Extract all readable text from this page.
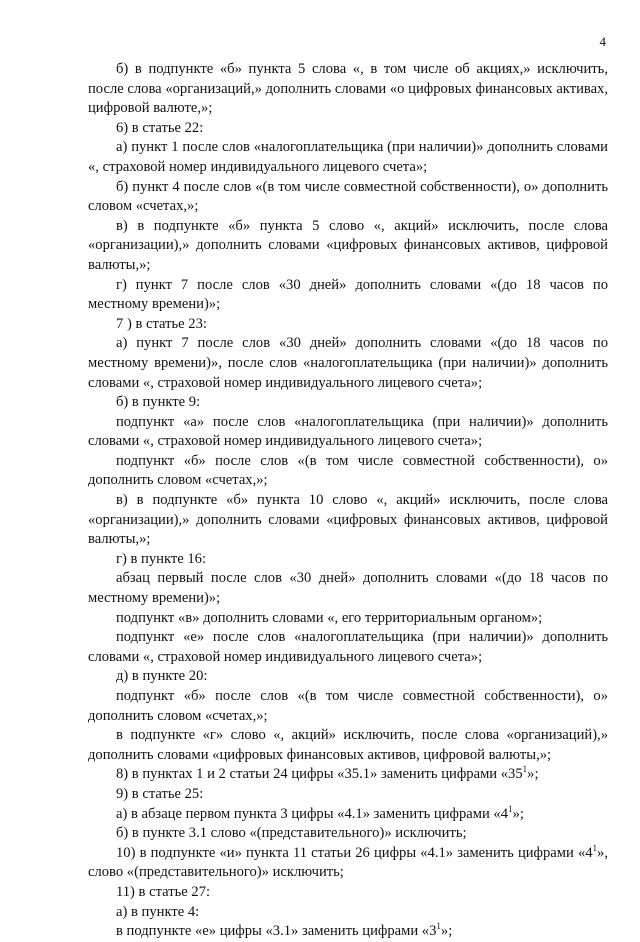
4

б) в подпункте «б» пункта 5 слова «, в том числе об акциях,» исключить, после слова «организаций,» дополнить словами «о цифровых финансовых активах, цифровой валюте,»;

6) в статье 22:

а) пункт 1 после слов «налогоплательщика (при наличии)» дополнить словами «, страховой номер индивидуального лицевого счета»;

б) пункт 4 после слов «(в том числе совместной собственности), о» дополнить словом «счетах,»;

в) в подпункте «б» пункта 5 слово «, акций» исключить, после слова «организации),» дополнить словами «цифровых финансовых активов, цифровой валюты,»;

г) пункт 7 после слов «30 дней» дополнить словами «(до 18 часов по местному времени)»;

7 ) в статье 23:

а) пункт 7 после слов «30 дней» дополнить словами «(до 18 часов по местному времени)», после слов «налогоплательщика (при наличии)» дополнить словами «, страховой номер индивидуального лицевого счета»;

б) в пункте 9:

подпункт «а» после слов «налогоплательщика (при наличии)» дополнить словами «, страховой номер индивидуального лицевого счета»;

подпункт «б» после слов «(в том числе совместной собственности), о» дополнить словом «счетах,»;

в) в подпункте «б» пункта 10 слово «, акций» исключить, после слова «организации),» дополнить словами «цифровых финансовых активов, цифровой валюты,»;

г) в пункте 16:

абзац первый после слов «30 дней» дополнить словами «(до 18 часов по местному времени)»;

подпункт «в» дополнить словами «, его территориальным органом»;

подпункт «е» после слов «налогоплательщика (при наличии)» дополнить словами «, страховой номер индивидуального лицевого счета»;

д) в пункте 20:

подпункт «б» после слов «(в том числе совместной собственности), о» дополнить словом «счетах,»;

в подпункте «г» слово «, акций» исключить, после слова «организаций),» дополнить словами «цифровых финансовых активов, цифровой валюты,»;

8) в пунктах 1 и 2 статьи 24 цифры «35.1» заменить цифрами «$35^1$»;

9) в статье 25:

а) в абзаце первом пункта 3 цифры «4.1» заменить цифрами «$4^1$»;

б) в пункте 3.1 слово «(представительного)» исключить;

10) в подпункте «и» пункта 11 статьи 26 цифры «4.1» заменить цифрами «$4^1$», слово «(представительного)» исключить;

11) в статье 27:

а) в пункте 4:

в подпункте «е» цифры «3.1» заменить цифрами «$3^1$»;
